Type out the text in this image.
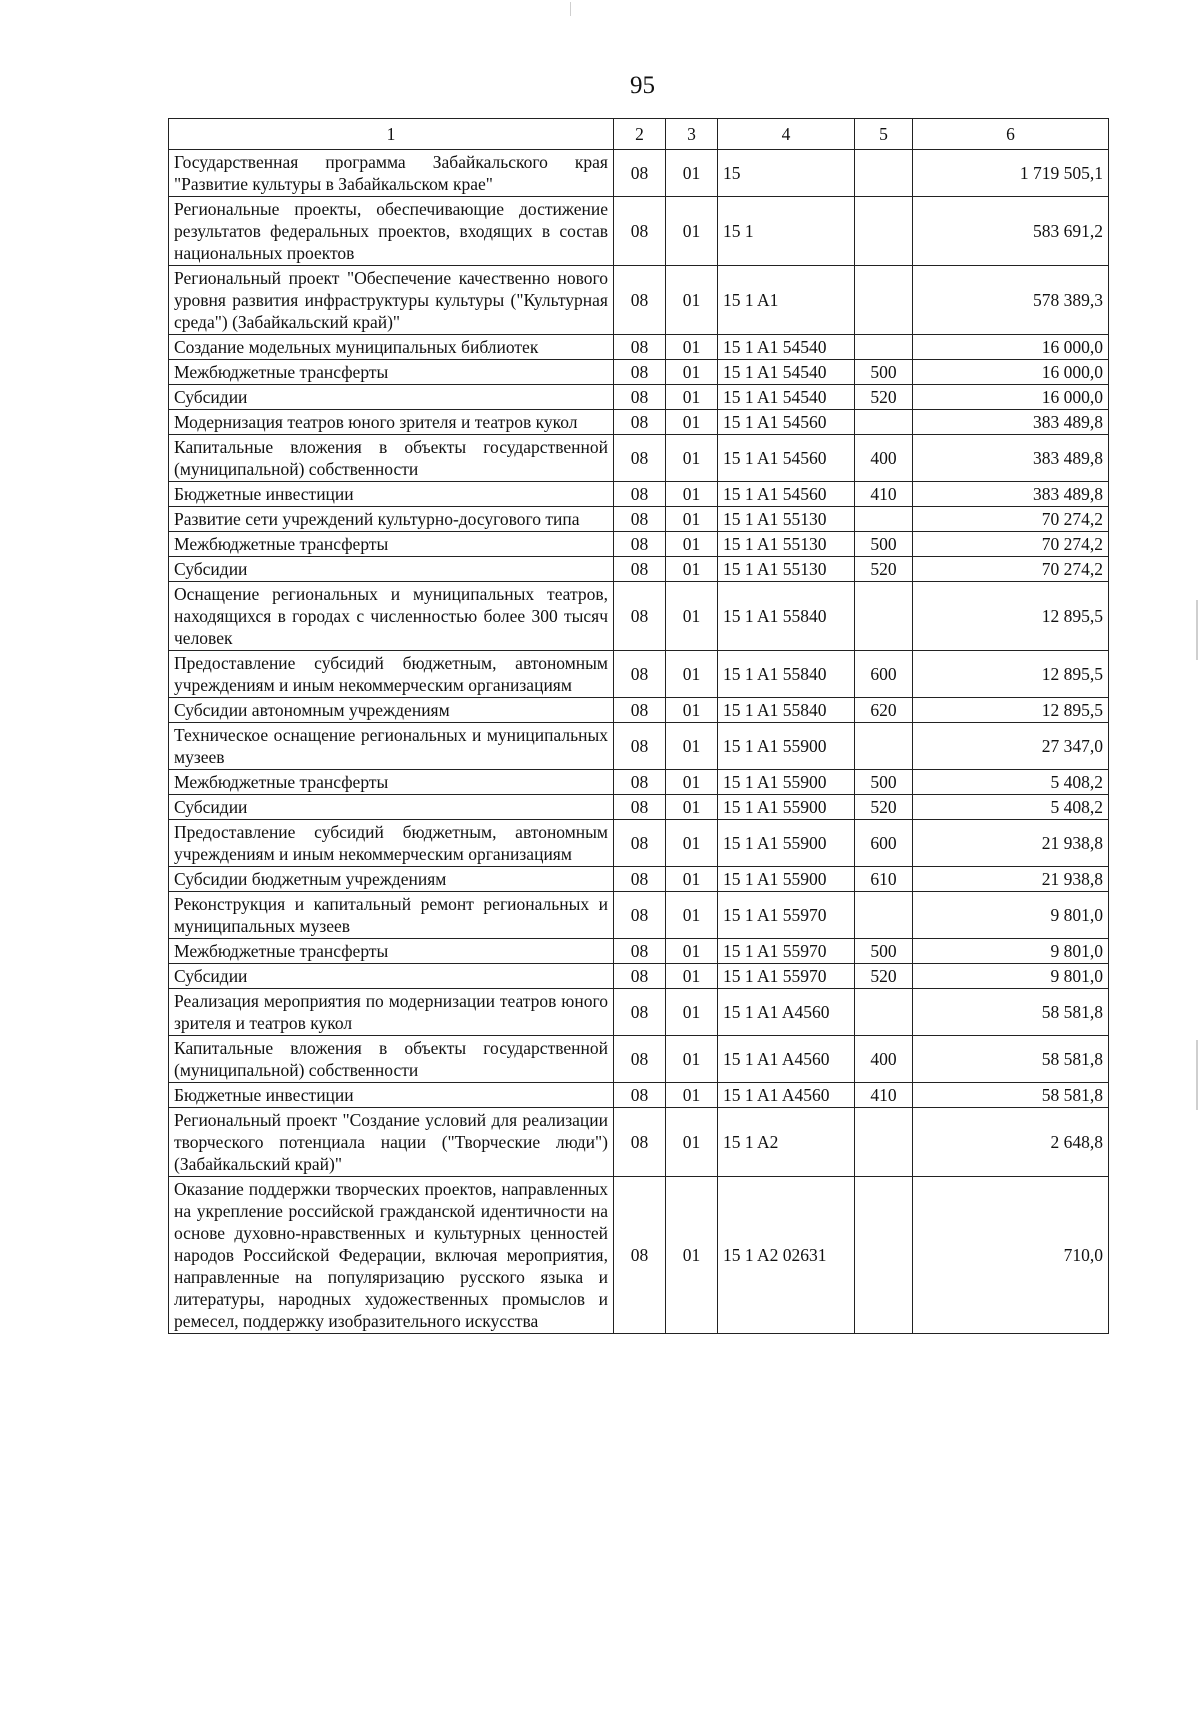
95
1	2	3	4	5	6
Государственная программа Забайкальского края "Развитие культуры в Забайкальском крае"	08	01	15		1 719 505,1
Региональные проекты, обеспечивающие достижение результатов федеральных проектов, входящих в состав национальных проектов	08	01	15 1		583 691,2
Региональный проект "Обеспечение качественно нового уровня развития инфраструктуры культуры ("Культурная среда") (Забайкальский край)"	08	01	15 1 A1		578 389,3
Создание модельных муниципальных библиотек	08	01	15 1 A1 54540		16 000,0
Межбюджетные трансферты	08	01	15 1 A1 54540	500	16 000,0
Субсидии	08	01	15 1 A1 54540	520	16 000,0
Модернизация театров юного зрителя и театров кукол	08	01	15 1 A1 54560		383 489,8
Капитальные вложения в объекты государственной (муниципальной) собственности	08	01	15 1 A1 54560	400	383 489,8
Бюджетные инвестиции	08	01	15 1 A1 54560	410	383 489,8
Развитие сети учреждений культурно-досугового типа	08	01	15 1 A1 55130		70 274,2
Межбюджетные трансферты	08	01	15 1 A1 55130	500	70 274,2
Субсидии	08	01	15 1 A1 55130	520	70 274,2
Оснащение региональных и муниципальных театров, находящихся в городах с численностью более 300 тысяч человек	08	01	15 1 A1 55840		12 895,5
Предоставление субсидий бюджетным, автономным учреждениям и иным некоммерческим организациям	08	01	15 1 A1 55840	600	12 895,5
Субсидии автономным учреждениям	08	01	15 1 A1 55840	620	12 895,5
Техническое оснащение региональных и муниципальных музеев	08	01	15 1 A1 55900		27 347,0
Межбюджетные трансферты	08	01	15 1 A1 55900	500	5 408,2
Субсидии	08	01	15 1 A1 55900	520	5 408,2
Предоставление субсидий бюджетным, автономным учреждениям и иным некоммерческим организациям	08	01	15 1 A1 55900	600	21 938,8
Субсидии бюджетным учреждениям	08	01	15 1 A1 55900	610	21 938,8
Реконструкция и капитальный ремонт региональных и муниципальных музеев	08	01	15 1 A1 55970		9 801,0
Межбюджетные трансферты	08	01	15 1 A1 55970	500	9 801,0
Субсидии	08	01	15 1 A1 55970	520	9 801,0
Реализация мероприятия по модернизации театров юного зрителя и театров кукол	08	01	15 1 A1 A4560		58 581,8
Капитальные вложения в объекты государственной (муниципальной) собственности	08	01	15 1 A1 A4560	400	58 581,8
Бюджетные инвестиции	08	01	15 1 A1 A4560	410	58 581,8
Региональный проект "Создание условий для реализации творческого потенциала нации ("Творческие люди") (Забайкальский край)"	08	01	15 1 A2		2 648,8
Оказание поддержки творческих проектов, направленных на укрепление российской гражданской идентичности на основе духовно-нравственных и культурных ценностей народов Российской Федерации, включая мероприятия, направленные на популяризацию русского языка и литературы, народных художественных промыслов и ремесел, поддержку изобразительного искусства	08	01	15 1 A2 02631		710,0
